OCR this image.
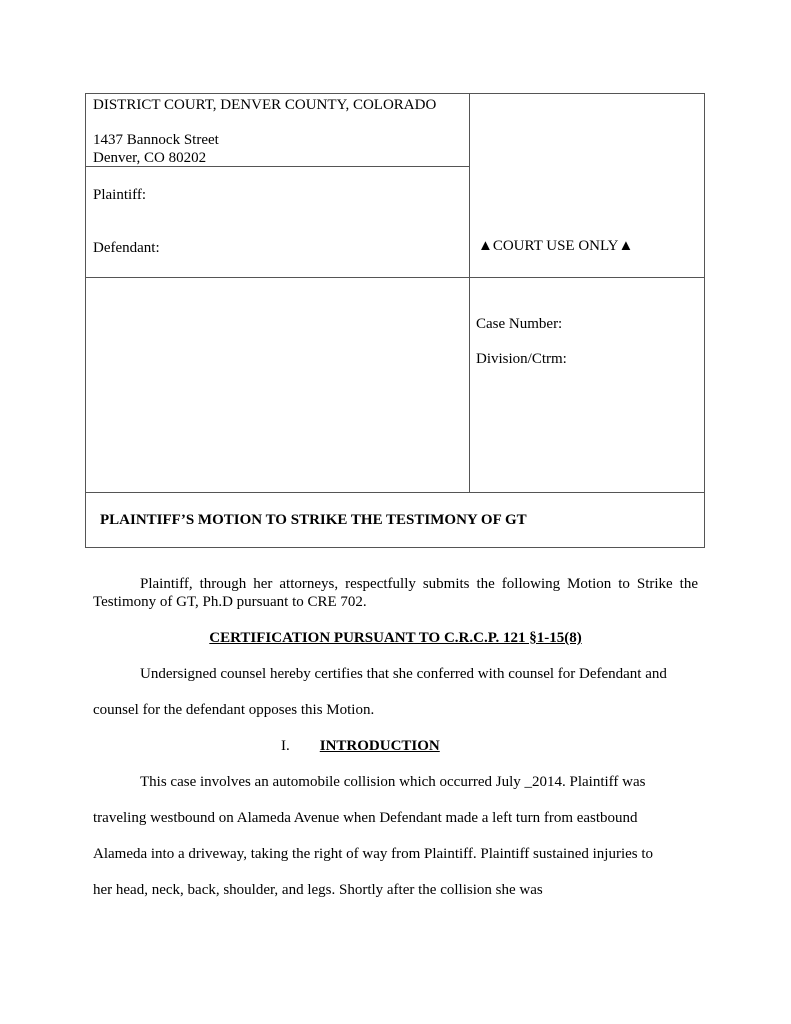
DISTRICT COURT, DENVER COUNTY, COLORADO
1437 Bannock Street
Denver, CO 80202
Plaintiff:
Defendant:	▲COURT USE ONLY▲
Case Number:
Division/Ctrm:
PLAINTIFF’S MOTION TO STRIKE THE TESTIMONY OF GT
Plaintiff, through her attorneys, respectfully submits the following Motion to Strike the Testimony of GT, Ph.D pursuant to CRE 702.
CERTIFICATION PURSUANT TO C.R.C.P. 121 §1-15(8)
Undersigned counsel hereby certifies that she conferred with counsel for Defendant and
counsel for the defendant opposes this Motion.
I. INTRODUCTION
This case involves an automobile collision which occurred July _2014. Plaintiff was
traveling westbound on Alameda Avenue when Defendant made a left turn from eastbound
Alameda into a driveway, taking the right of way from Plaintiff. Plaintiff sustained injuries to
her head, neck, back, shoulder, and legs. Shortly after the collision she was
